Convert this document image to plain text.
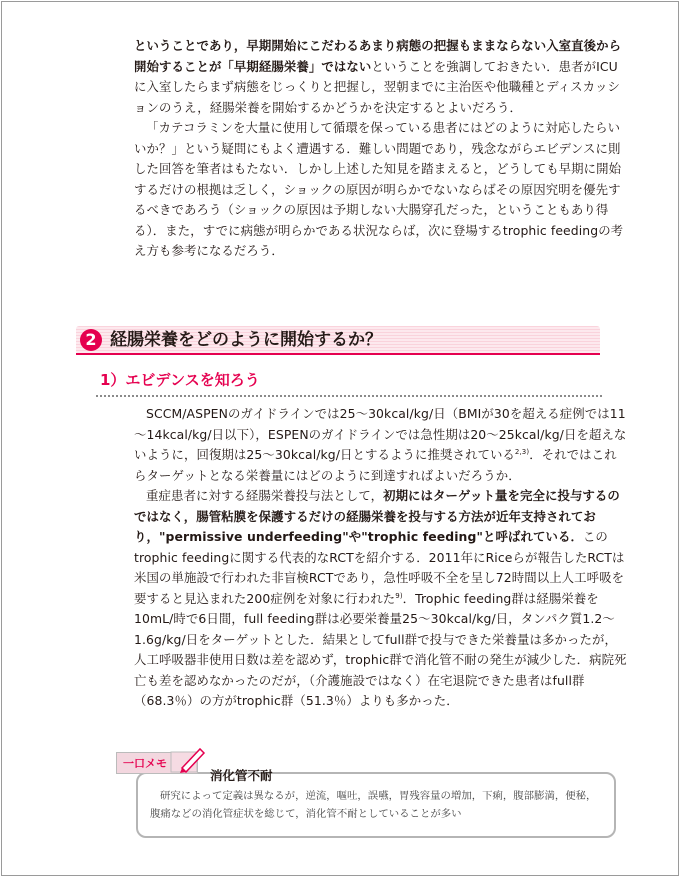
ということであり，早期開始にこだわるあまり病態の把握もままならない入室直後から開始することが「早期経腸栄養」ではないということを強調しておきたい．患者がICUに入室したらまず病態をじっくりと把握し，翌朝までに主治医や他職種とディスカッションのうえ，経腸栄養を開始するかどうかを決定するとよいだろう．

「カテコラミンを大量に使用して循環を保っている患者にはどのように対応したらいいか？」という疑問にもよく遭遇する．難しい問題であり，残念ながらエビデンスに則した回答を筆者はもたない．しかし上述した知見を踏まえると，どうしても早期に開始するだけの根拠は乏しく，ショックの原因が明らかでないならばその原因究明を優先するべきであろう（ショックの原因は予期しない大腸穿孔だった，ということもあり得る）．また，すでに病態が明らかである状況ならば，次に登場するtrophic feedingの考え方も参考になるだろう．

2 経腸栄養をどのように開始するか？
1）エビデンスを知ろう

SCCM/ASPENのガイドラインでは25～30kcal/kg/日（BMIが30を超える症例では11～14kcal/kg/日以下），ESPENのガイドラインでは急性期は20～25kcal/kg/日を超えないように，回復期は25～30kcal/kg/日とするように推奨されている$^{2,3)}$．それではこれらターゲットとなる栄養量にはどのように到達すればよいだろうか．

重症患者に対する経腸栄養投与法として，初期にはターゲット量を完全に投与するのではなく，腸管粘膜を保護するだけの経腸栄養を投与する方法が近年支持されており，"permissive underfeeding"や"trophic feeding"と呼ばれている．このtrophic feedingに関する代表的なRCTを紹介する．2011年にRiceらが報告したRCTは米国の単施設で行われた非盲検RCTであり，急性呼吸不全を呈し72時間以上人工呼吸を要すると見込まれた200症例を対象に行われた$^{9)}$．Trophic feeding群は経腸栄養を10mL/時で6日間，full feeding群は必要栄養量25～30kcal/kg/日，タンパク質1.2～1.6g/kg/日をターゲットとした．結果としてfull群で投与できた栄養量は多かったが，人工呼吸器非使用日数は差を認めず，trophic群で消化管不耐の発生が減少した．病院死亡も差を認めなかったのだが，（介護施設ではなく）在宅退院できた患者はfull群（68.3％）の方がtrophic群（51.3％）よりも多かった．

一口メモ
消化管不耐

研究によって定義は異なるが，逆流，嘔吐，誤嚥，胃残容量の増加，下痢，腹部膨満，便秘，腹痛などの消化管症状を総じて，消化管不耐としていることが多い
